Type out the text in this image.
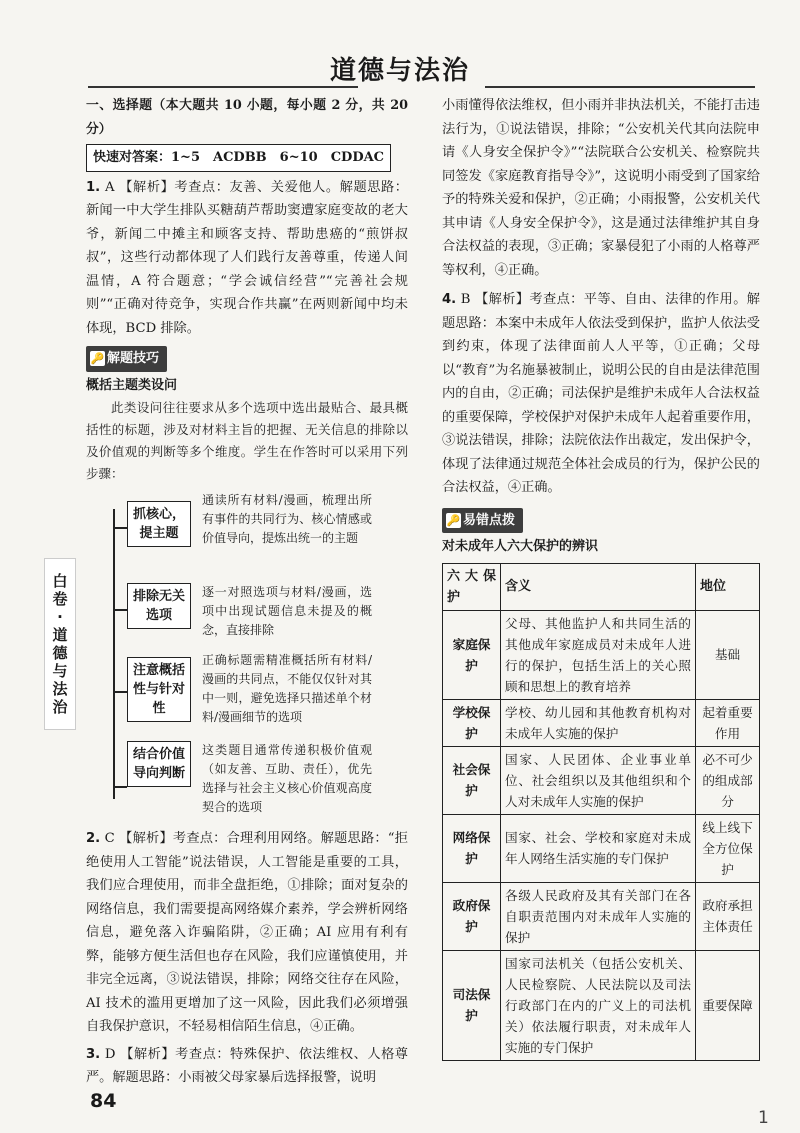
道德与法治
白
卷
·
道
德
与
法
治

一、选择题（本大题共 10 小题，每小题 2 分，共 20 分）

快速对答案：1~5　ACDBB　6~10　CDDAC

1. A 【解析】考查点：友善、关爱他人。解题思路：新闻一中大学生排队买糖葫芦帮助窦遭家庭变故的老大爷，新闻二中摊主和顾客支持、帮助患癌的“煎饼叔叔”，这些行动都体现了人们践行友善尊重，传递人间温情，A 符合题意；“学会诚信经营”“完善社会规则”“正确对待竞争，实现合作共赢”在两则新闻中均未体现，BCD 排除。

🔑 解题技巧

概括主题类设问

此类设问往往要求从多个选项中选出最贴合、最具概括性的标题，涉及对材料主旨的把握、无关信息的排除以及价值观的判断等多个维度。学生在作答时可以采用下列步骤：

抓核心，提主题
通读所有材料/漫画，梳理出所有事件的共同行为、核心情感或价值导向，提炼出统一的主题
排除无关选项
逐一对照选项与材料/漫画，选项中出现试题信息未提及的概念，直接排除
注意概括性与针对性
正确标题需精准概括所有材料/漫画的共同点，不能仅仅针对其中一则，避免选择只描述单个材料/漫画细节的选项
结合价值导向判断
这类题目通常传递积极价值观（如友善、互助、责任），优先选择与社会主义核心价值观高度契合的选项

2. C 【解析】考查点：合理利用网络。解题思路：“拒绝使用人工智能”说法错误，人工智能是重要的工具，我们应合理使用，而非全盘拒绝，①排除；面对复杂的网络信息，我们需要提高网络媒介素养，学会辨析网络信息，避免落入诈骗陷阱，②正确；AI 应用有利有弊，能够方便生活但也存在风险，我们应谨慎使用，并非完全远离，③说法错误，排除；网络交往存在风险，AI 技术的滥用更增加了这一风险，因此我们必须增强自我保护意识，不轻易相信陌生信息，④正确。

3. D 【解析】考查点：特殊保护、依法维权、人格尊严。解题思路：小雨被父母家暴后选择报警，说明

小雨懂得依法维权，但小雨并非执法机关，不能打击违法行为，①说法错误，排除；“公安机关代其向法院申请《人身安全保护令》”“法院联合公安机关、检察院共同签发《家庭教育指导令》”，这说明小雨受到了国家给予的特殊关爱和保护，②正确；小雨报警，公安机关代其申请《人身安全保护令》，这是通过法律维护其自身合法权益的表现，③正确；家暴侵犯了小雨的人格尊严等权利，④正确。

4. B 【解析】考查点：平等、自由、法律的作用。解题思路：本案中未成年人依法受到保护，监护人依法受到约束，体现了法律面前人人平等，①正确；父母以“教育”为名施暴被制止，说明公民的自由是法律范围内的自由，②正确；司法保护是维护未成年人合法权益的重要保障，学校保护对保护未成年人起着重要作用，③说法错误，排除；法院依法作出裁定，发出保护令，体现了法律通过规范全体社会成员的行为，保护公民的合法权益，④正确。

🔑 易错点拨

对未成年人六大保护的辨识

六大保护	含义	地位
家庭保护	父母、其他监护人和共同生活的其他成年家庭成员对未成年人进行的保护，包括生活上的关心照顾和思想上的教育培养	基础
学校保护	学校、幼儿园和其他教育机构对未成年人实施的保护	起着重要作用
社会保护	国家、人民团体、企业事业单位、社会组织以及其他组织和个人对未成年人实施的保护	必不可少的组成部分
网络保护	国家、社会、学校和家庭对未成年人网络生活实施的专门保护	线上线下全方位保护
政府保护	各级人民政府及其有关部门在各自职责范围内对未成年人实施的保护	政府承担主体责任
司法保护	国家司法机关（包括公安机关、人民检察院、人民法院以及司法行政部门在内的广义上的司法机关）依法履行职责，对未成年人实施的专门保护	重要保障
84
1
